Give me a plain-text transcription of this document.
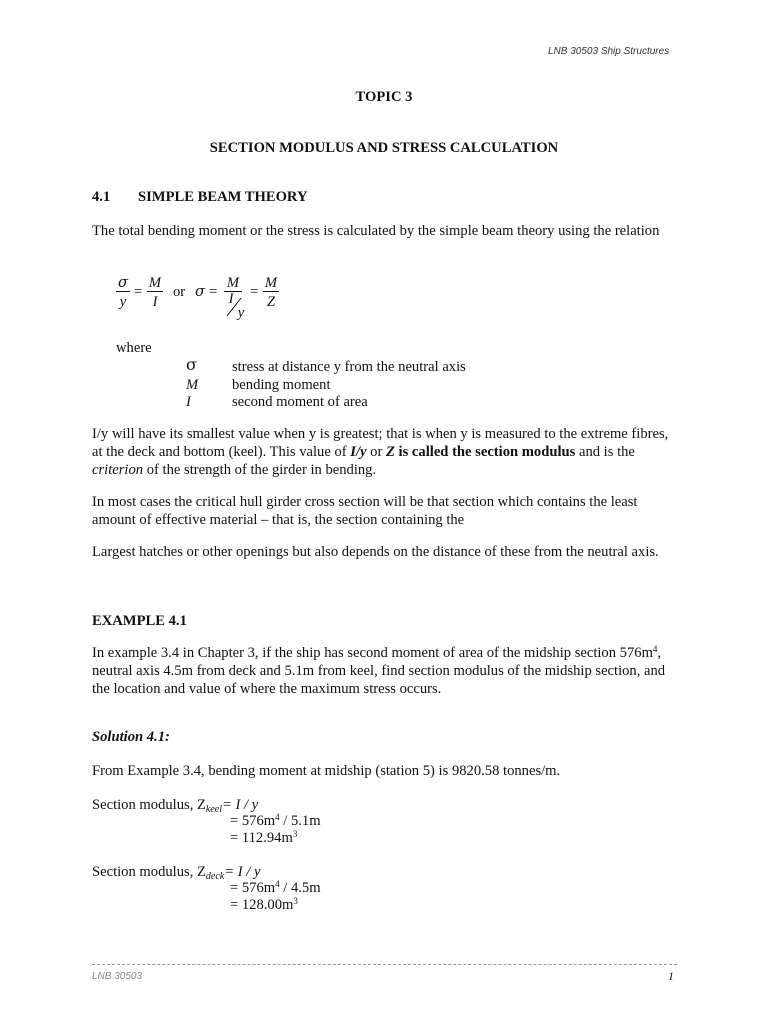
LNB 30503 Ship Structures
TOPIC 3
SECTION MODULUS AND STRESS CALCULATION
4.1 SIMPLE BEAM THEORY
The total bending moment or the stress is calculated by the simple beam theory using the relation
σ
y
=
M
I
or σ =
M
I
y
=
M
Z
where
σ stress at distance y from the neutral axis
M bending moment
I	second moment of area
I/y will have its smallest value when y is greatest; that is when y is measured to the extreme fibres, at the deck and bottom (keel). This value of I/y or Z is called the section modulus and is the criterion of the strength of the girder in bending.
In most cases the critical hull girder cross section will be that section which contains the least amount of effective material – that is, the section containing the
Largest hatches or other openings but also depends on the distance of these from the neutral axis.
EXAMPLE 4.1
In example 3.4 in Chapter 3, if the ship has second moment of area of the midship section $576m^4$, neutral axis 4.5m from deck and 5.1m from keel, find section modulus of the midship section, and the location and value of where the maximum stress occurs.
Solution 4.1:
From Example 3.4, bending moment at midship (station 5) is 9820.58 tonnes/m.
Section modulus, $Z_{keel}= I / y$
= $576m^4 / 5.1m$
= $112.94m^3$
Section modulus, $Z_{deck}= I / y$
= $576m^4 / 4.5m$
= $128.00m^3$
LNB 30503	1
